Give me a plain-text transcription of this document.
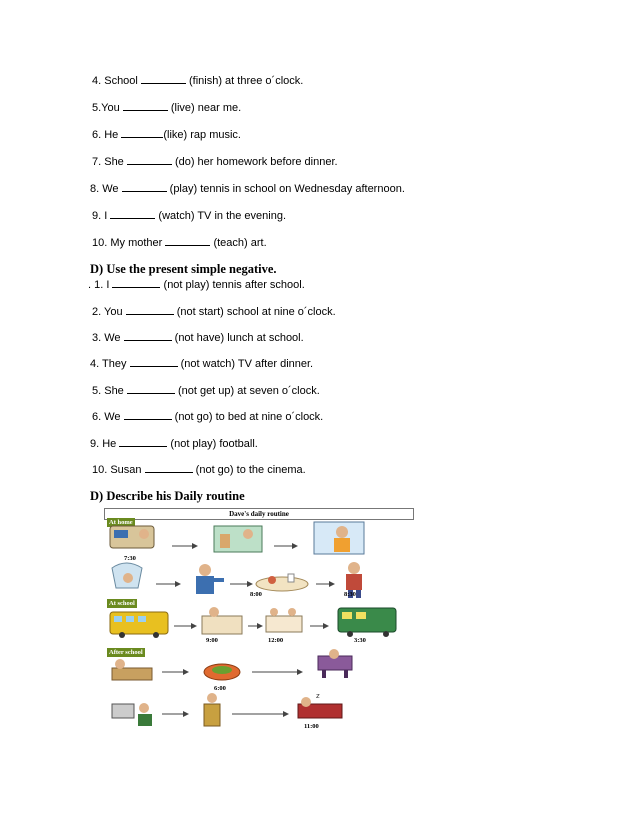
4. School	(finish) at three o´clock.
5.You	(live) near me.
6. He	(like) rap music.
7. She	(do) her homework before dinner.
8. We	(play) tennis in school on Wednesday afternoon.
9. I	(watch) TV in the evening.
10. My mother	(teach) art.
D) Use the present simple negative.
. 1. I	(not play) tennis after school.
2. You	(not start) school at nine o´clock.
3. We	(not have) lunch at school.
4. They	(not watch) TV after dinner.
5. She	(not get up) at seven o´clock.
6. We	(not go) to bed at nine o´clock.
9. He	(not play) football.
10. Susan	(not go) to the cinema.
D) Describe his Daily routine
Dave's daily routine
At home
At school
After school
8:00	8:30
7:30
9:00	12:00	3:30
6:00
z
11:00
